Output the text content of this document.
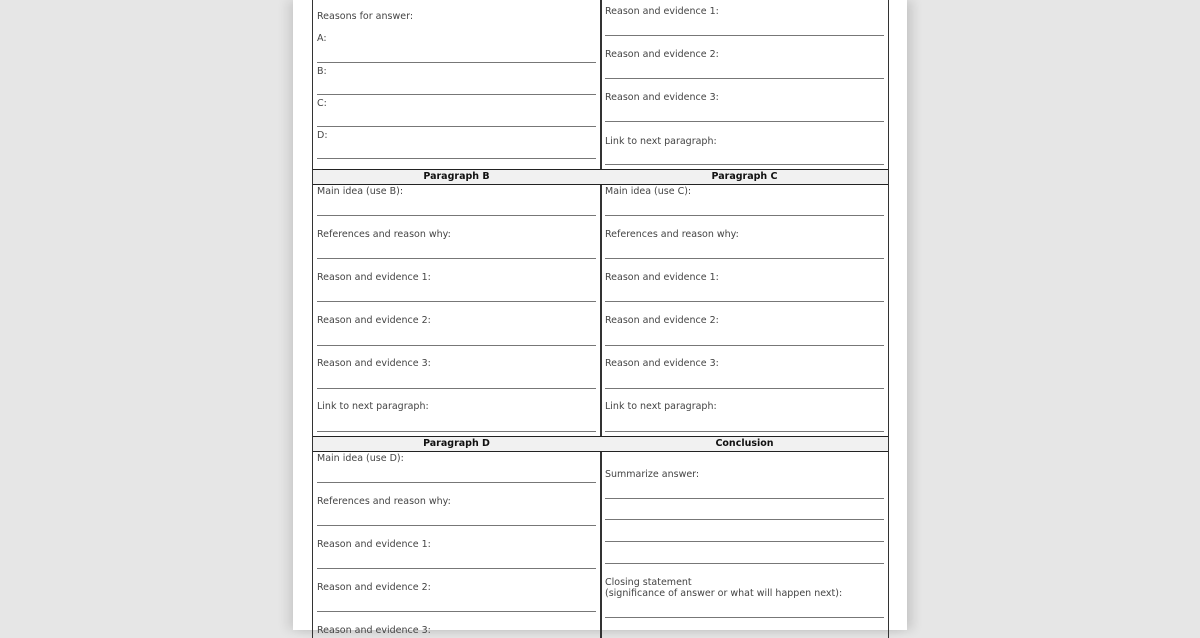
Reasons for answer:
A:
B:
C:
D:
Reason and evidence 1:
Reason and evidence 2:
Reason and evidence 3:
Link to next paragraph:
Paragraph B	Paragraph C
Main idea (use B):
References and reason why:
Reason and evidence 1:
Reason and evidence 2:
Reason and evidence 3:
Link to next paragraph:
Main idea (use C):
References and reason why:
Reason and evidence 1:
Reason and evidence 2:
Reason and evidence 3:
Link to next paragraph:
Paragraph D	Conclusion
Main idea (use D):
References and reason why:
Reason and evidence 1:
Reason and evidence 2:
Reason and evidence 3:
Summarize answer:
Closing statement
(significance of answer or what will happen next):
